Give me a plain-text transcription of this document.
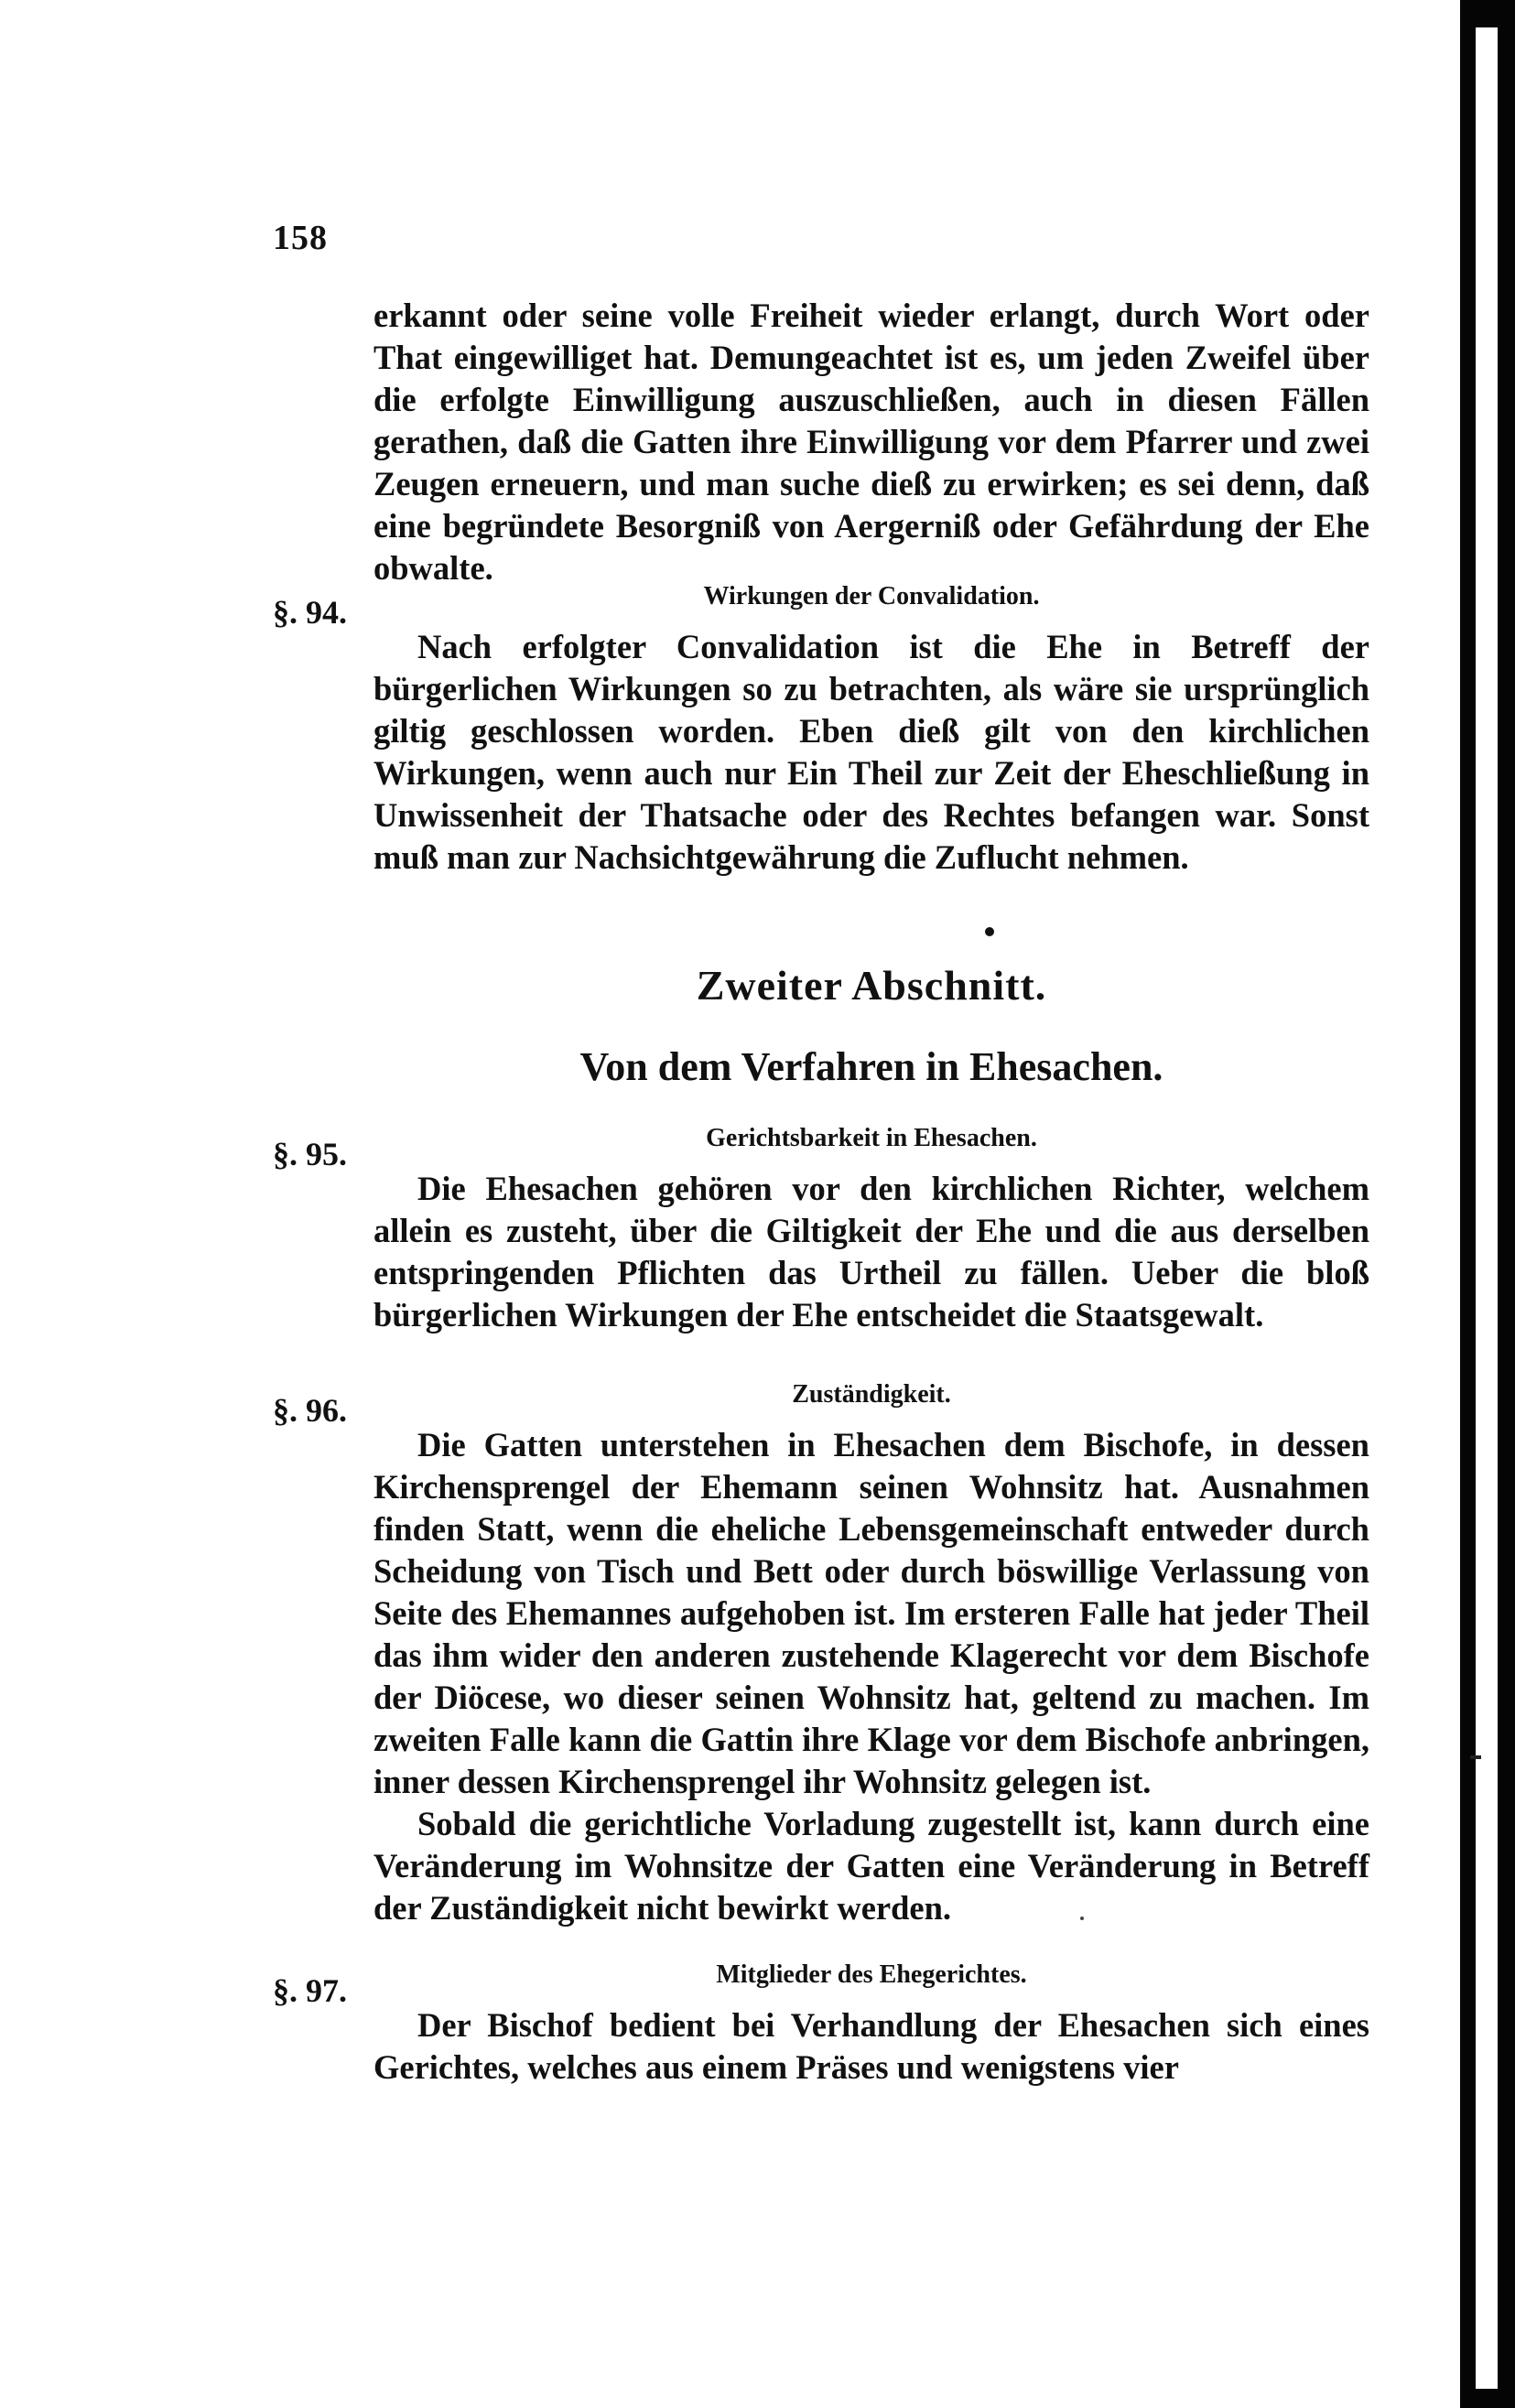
158

erkannt oder seine volle Freiheit wieder erlangt, durch Wort oder That eingewilliget hat. Demungeachtet ist es, um jeden Zweifel über die erfolgte Einwilligung auszuschließen, auch in diesen Fällen gerathen, daß die Gatten ihre Einwilligung vor dem Pfarrer und zwei Zeugen erneuern, und man suche dieß zu erwirken; es sei denn, daß eine begründete Besorgniß von Aergerniß oder Gefährdung der Ehe obwalte.

§. 94.	Wirkungen der Convalidation.

Nach erfolgter Convalidation ist die Ehe in Betreff der bürgerlichen Wirkungen so zu betrachten, als wäre sie ursprünglich giltig geschlossen worden. Eben dieß gilt von den kirchlichen Wirkungen, wenn auch nur Ein Theil zur Zeit der Eheschließung in Unwissenheit der Thatsache oder des Rechtes befangen war. Sonst muß man zur Nachsichtgewährung die Zuflucht nehmen.

Zweiter Abschnitt.
Von dem Verfahren in Ehesachen.
§. 95.	Gerichtsbarkeit in Ehesachen.

Die Ehesachen gehören vor den kirchlichen Richter, welchem allein es zusteht, über die Giltigkeit der Ehe und die aus derselben entspringenden Pflichten das Urtheil zu fällen. Ueber die bloß bürgerlichen Wirkungen der Ehe entscheidet die Staatsgewalt.

§. 96.	Zuständigkeit.

Die Gatten unterstehen in Ehesachen dem Bischofe, in dessen Kirchensprengel der Ehemann seinen Wohnsitz hat. Ausnahmen finden Statt, wenn die eheliche Lebensgemeinschaft entweder durch Scheidung von Tisch und Bett oder durch böswillige Verlassung von Seite des Ehemannes aufgehoben ist. Im ersteren Falle hat jeder Theil das ihm wider den anderen zustehende Klagerecht vor dem Bischofe der Diöcese, wo dieser seinen Wohnsitz hat, geltend zu machen. Im zweiten Falle kann die Gattin ihre Klage vor dem Bischofe anbringen, inner dessen Kirchensprengel ihr Wohnsitz gelegen ist.

Sobald die gerichtliche Vorladung zugestellt ist, kann durch eine Veränderung im Wohnsitze der Gatten eine Veränderung in Betreff der Zuständigkeit nicht bewirkt werden.

§. 97.	Mitglieder des Ehegerichtes.

Der Bischof bedient bei Verhandlung der Ehesachen sich eines Gerichtes, welches aus einem Präses und wenigstens vier
